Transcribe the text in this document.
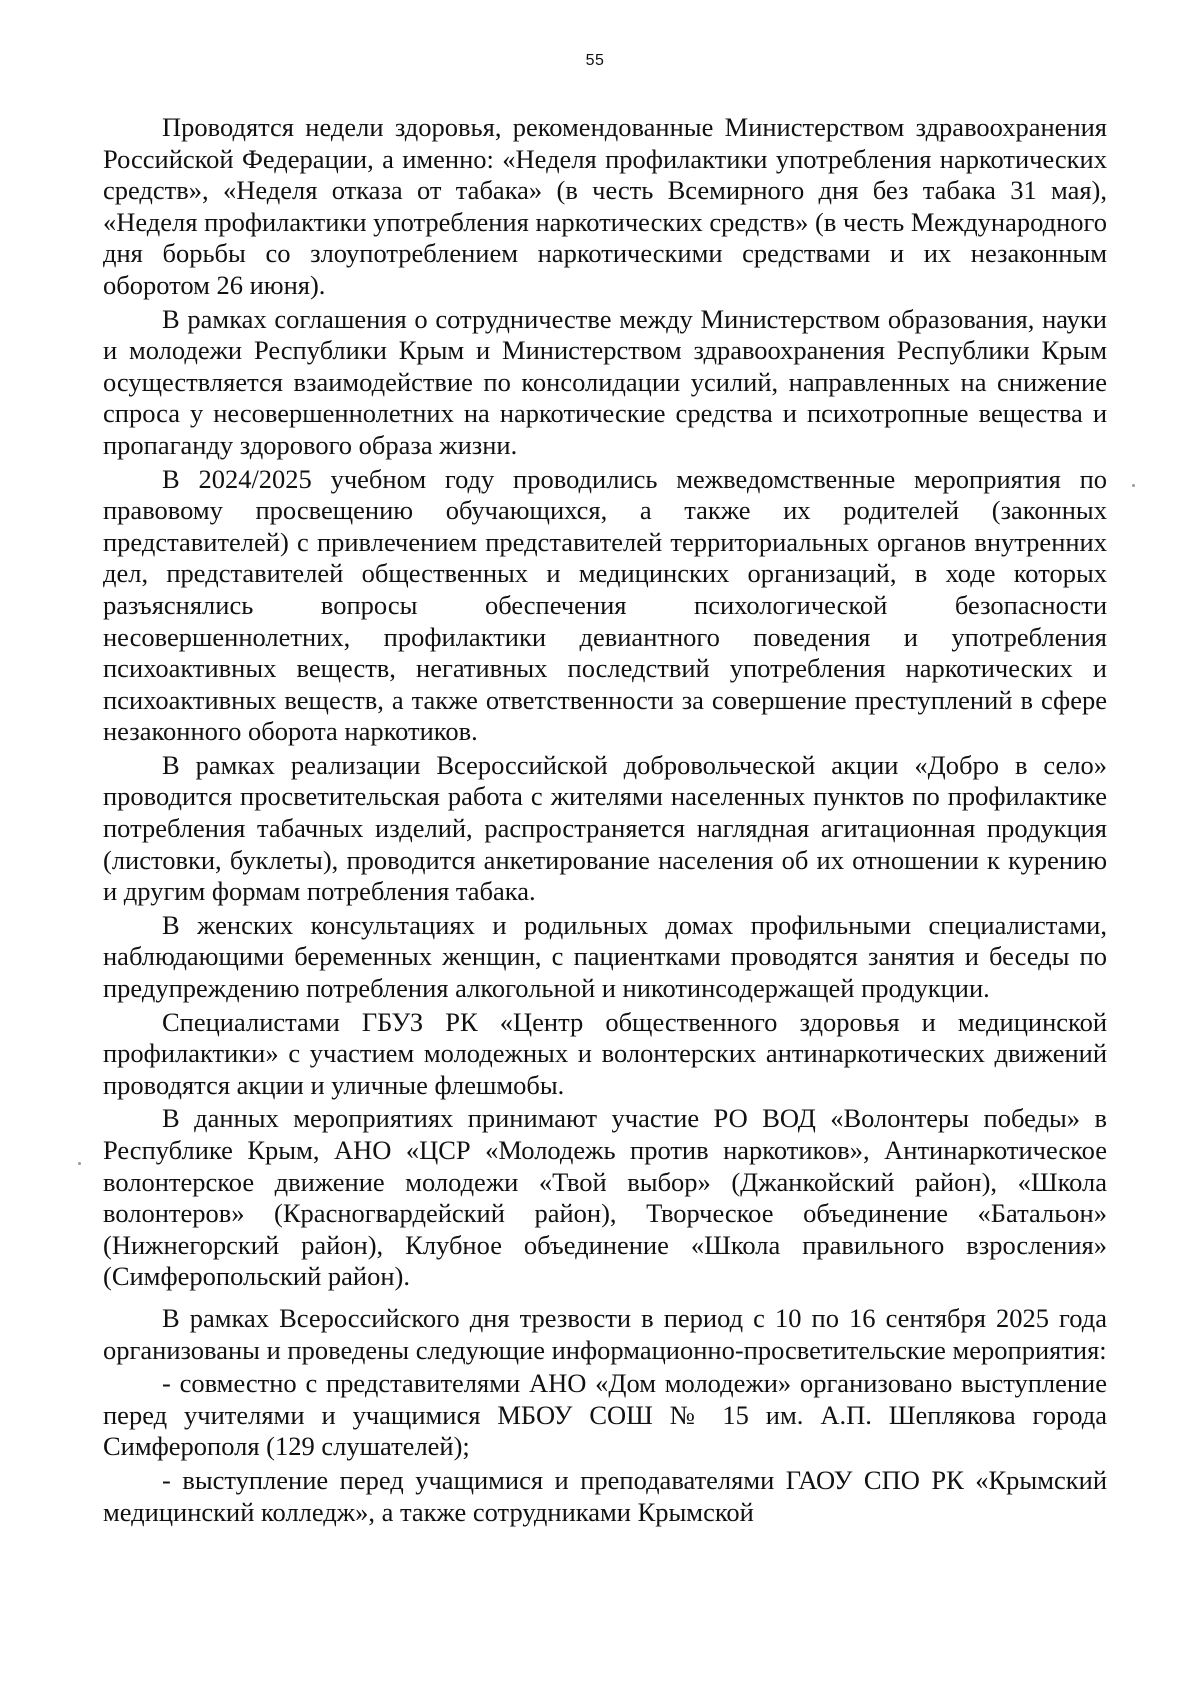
55

Проводятся недели здоровья, рекомендованные Министерством здравоохранения Российской Федерации, а именно: «Неделя профилактики употребления наркотических средств», «Неделя отказа от табака» (в честь Всемирного дня без табака 31 мая), «Неделя профилактики употребления наркотических средств» (в честь Международного дня борьбы со злоупотреблением наркотическими средствами и их незаконным оборотом 26 июня).

В рамках соглашения о сотрудничестве между Министерством образования, науки и молодежи Республики Крым и Министерством здравоохранения Республики Крым осуществляется взаимодействие по консолидации усилий, направленных на снижение спроса у несовершеннолетних на наркотические средства и психотропные вещества и пропаганду здорового образа жизни.

В 2024/2025 учебном году проводились межведомственные мероприятия по правовому просвещению обучающихся, а также их родителей (законных представителей) с привлечением представителей территориальных органов внутренних дел, представителей общественных и медицинских организаций, в ходе которых разъяснялись вопросы обеспечения психологической безопасности несовершеннолетних, профилактики девиантного поведения и употребления психоактивных веществ, негативных последствий употребления наркотических и психоактивных веществ, а также ответственности за совершение преступлений в сфере незаконного оборота наркотиков.

В рамках реализации Всероссийской добровольческой акции «Добро в село» проводится просветительская работа с жителями населенных пунктов по профилактике потребления табачных изделий, распространяется наглядная агитационная продукция (листовки, буклеты), проводится анкетирование населения об их отношении к курению и другим формам потребления табака.

В женских консультациях и родильных домах профильными специалистами, наблюдающими беременных женщин, с пациентками проводятся занятия и беседы по предупреждению потребления алкогольной и никотинсодержащей продукции.

Специалистами ГБУЗ РК «Центр общественного здоровья и медицинской профилактики» с участием молодежных и волонтерских антинаркотических движений проводятся акции и уличные флешмобы.

В данных мероприятиях принимают участие РО ВОД «Волонтеры победы» в Республике Крым, АНО «ЦСР «Молодежь против наркотиков», Антинаркотическое волонтерское движение молодежи «Твой выбор» (Джанкойский район), «Школа волонтеров» (Красногвардейский район), Творческое объединение «Батальон» (Нижнегорский район), Клубное объединение «Школа правильного взросления» (Симферопольский район).

В рамках Всероссийского дня трезвости в период с 10 по 16 сентября 2025 года организованы и проведены следующие информационно-просветительские мероприятия:

- совместно с представителями АНО «Дом молодежи» организовано выступление перед учителями и учащимися МБОУ СОШ № 15 им. А.П. Шеплякова города Симферополя (129 слушателей);

- выступление перед учащимися и преподавателями ГАОУ СПО РК «Крымский медицинский колледж», а также сотрудниками Крымской
